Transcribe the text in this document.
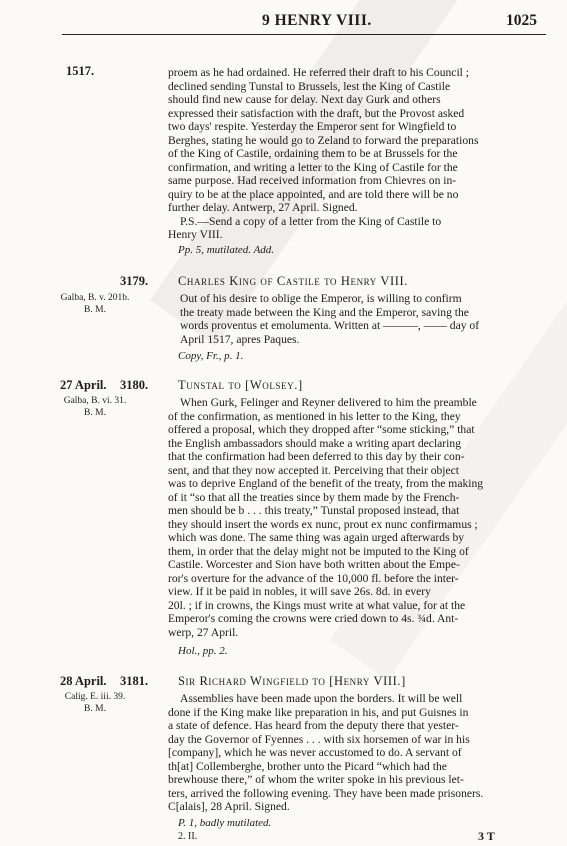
9 HENRY VIII.	1025
1517.	proem as he had ordained. He referred their draft to his Council ;
declined sending Tunstal to Brussels, lest the King of Castile
should find new cause for delay. Next day Gurk and others
expressed their satisfaction with the draft, but the Provost asked
two days' respite. Yesterday the Emperor sent for Wingfield to
Berghes, stating he would go to Zeland to forward the preparations
of the King of Castile, ordaining them to be at Brussels for the
confirmation, and writing a letter to the King of Castile for the
same purpose. Had received information from Chievres on in-
quiry to be at the place appointed, and are told there will be no
further delay. Antwerp, 27 April. Signed.
P.S.—Send a copy of a letter from the King of Castile to
Henry VIII.
Pp. 5, mutilated. Add.
3179. Charles King of Castile to Henry VIII.
Galba, B. v. 201b.
B. M.
Out of his desire to oblige the Emperor, is willing to confirm
the treaty made between the King and the Emperor, saving the
words proventus et emolumenta. Written at ———, —— day of
April 1517, apres Paques.
Copy, Fr., p. 1.
27 April. 3180. Tunstal to [Wolsey.]
Galba, B. vi. 31.
B. M.
When Gurk, Felinger and Reyner delivered to him the preamble
of the confirmation, as mentioned in his letter to the King, they
offered a proposal, which they dropped after “some sticking,” that
the English ambassadors should make a writing apart declaring
that the confirmation had been deferred to this day by their con-
sent, and that they now accepted it. Perceiving that their object
was to deprive England of the benefit of the treaty, from the making
of it “so that all the treaties since by them made by the French-
men should be b . . . this treaty,” Tunstal proposed instead, that
they should insert the words ex nunc, prout ex nunc confirmamus ;
which was done. The same thing was again urged afterwards by
them, in order that the delay might not be imputed to the King of
Castile. Worcester and Sion have both written about the Empe-
ror's overture for the advance of the 10,000 fl. before the inter-
view. If it be paid in nobles, it will save 26s. 8d. in every
20l. ; if in crowns, the Kings must write at what value, for at the
Emperor's coming the crowns were cried down to 4s. ¾d. Ant-
werp, 27 April.
Hol., pp. 2.
28 April. 3181. Sir Richard Wingfield to [Henry VIII.]
Calig. E. iii. 39.
B. M.
Assemblies have been made upon the borders. It will be well
done if the King make like preparation in his, and put Guisnes in
a state of defence. Has heard from the deputy there that yester-
day the Governor of Fyennes . . . with six horsemen of war in his
[company], which he was never accustomed to do. A servant of
th[at] Collemberghe, brother unto the Picard “which had the
brewhouse there,” of whom the writer spoke in his previous let-
ters, arrived the following evening. They have been made prisoners.
C[alais], 28 April. Signed.
P. 1, badly mutilated.
2. II.	3 T
